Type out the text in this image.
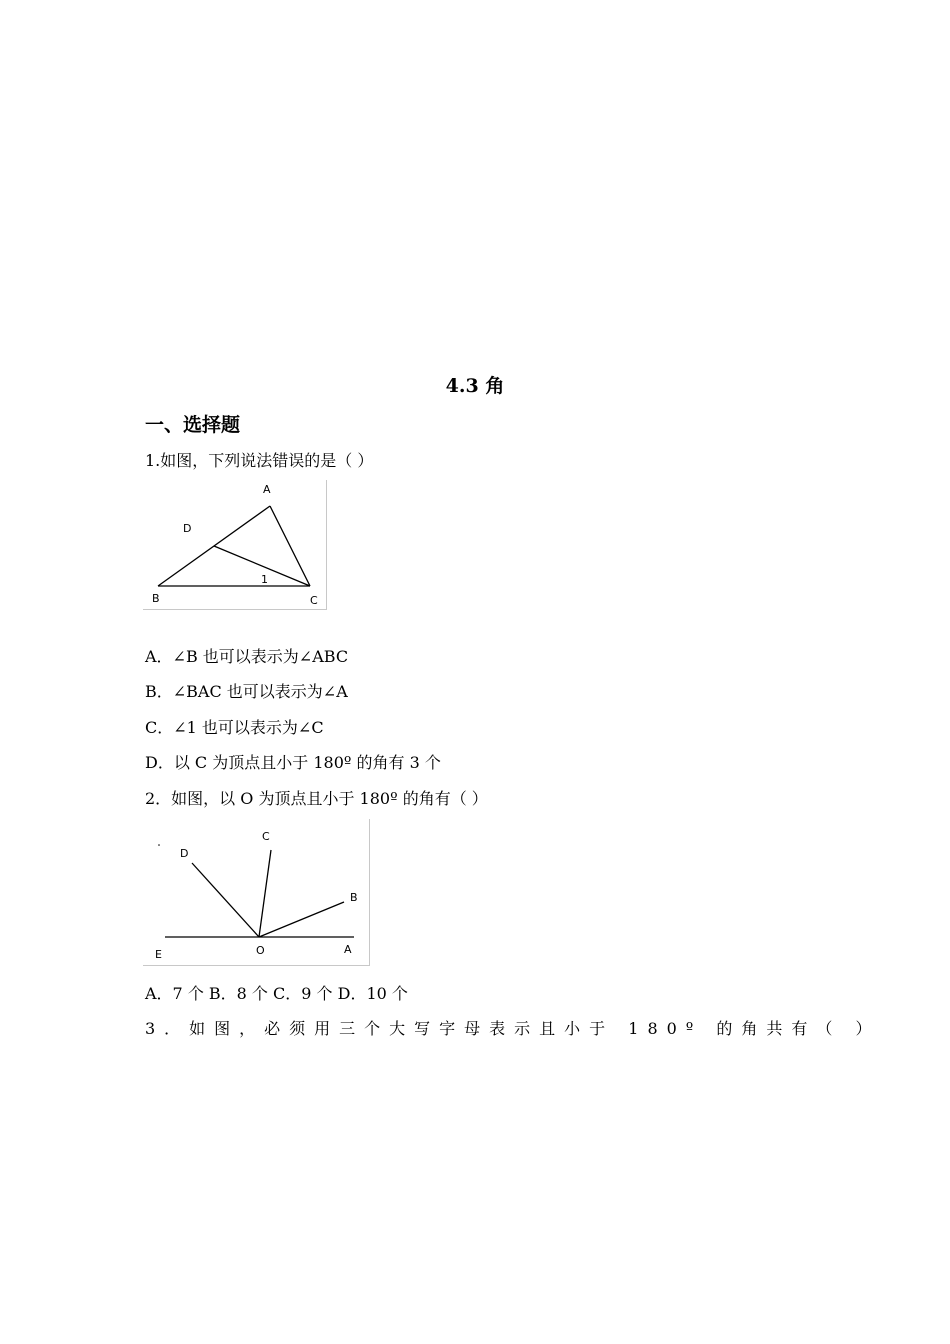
4.3 角
一、选择题
1.如图，下列说法错误的是（ ）
A
D
B	C
1
A．∠B 也可以表示为∠ABC
B．∠BAC 也可以表示为∠A
C．∠1 也可以表示为∠C
D．以 C 为顶点且小于 180º 的角有 3 个
2．如图，以 O 为顶点且小于 180º 的角有（ ）
D
C
B
E	O	A
A．7 个 B．8 个 C．9 个 D．10 个
3．如图，必须用三个大写字母表示且小于 180º 的角共有（ ）
